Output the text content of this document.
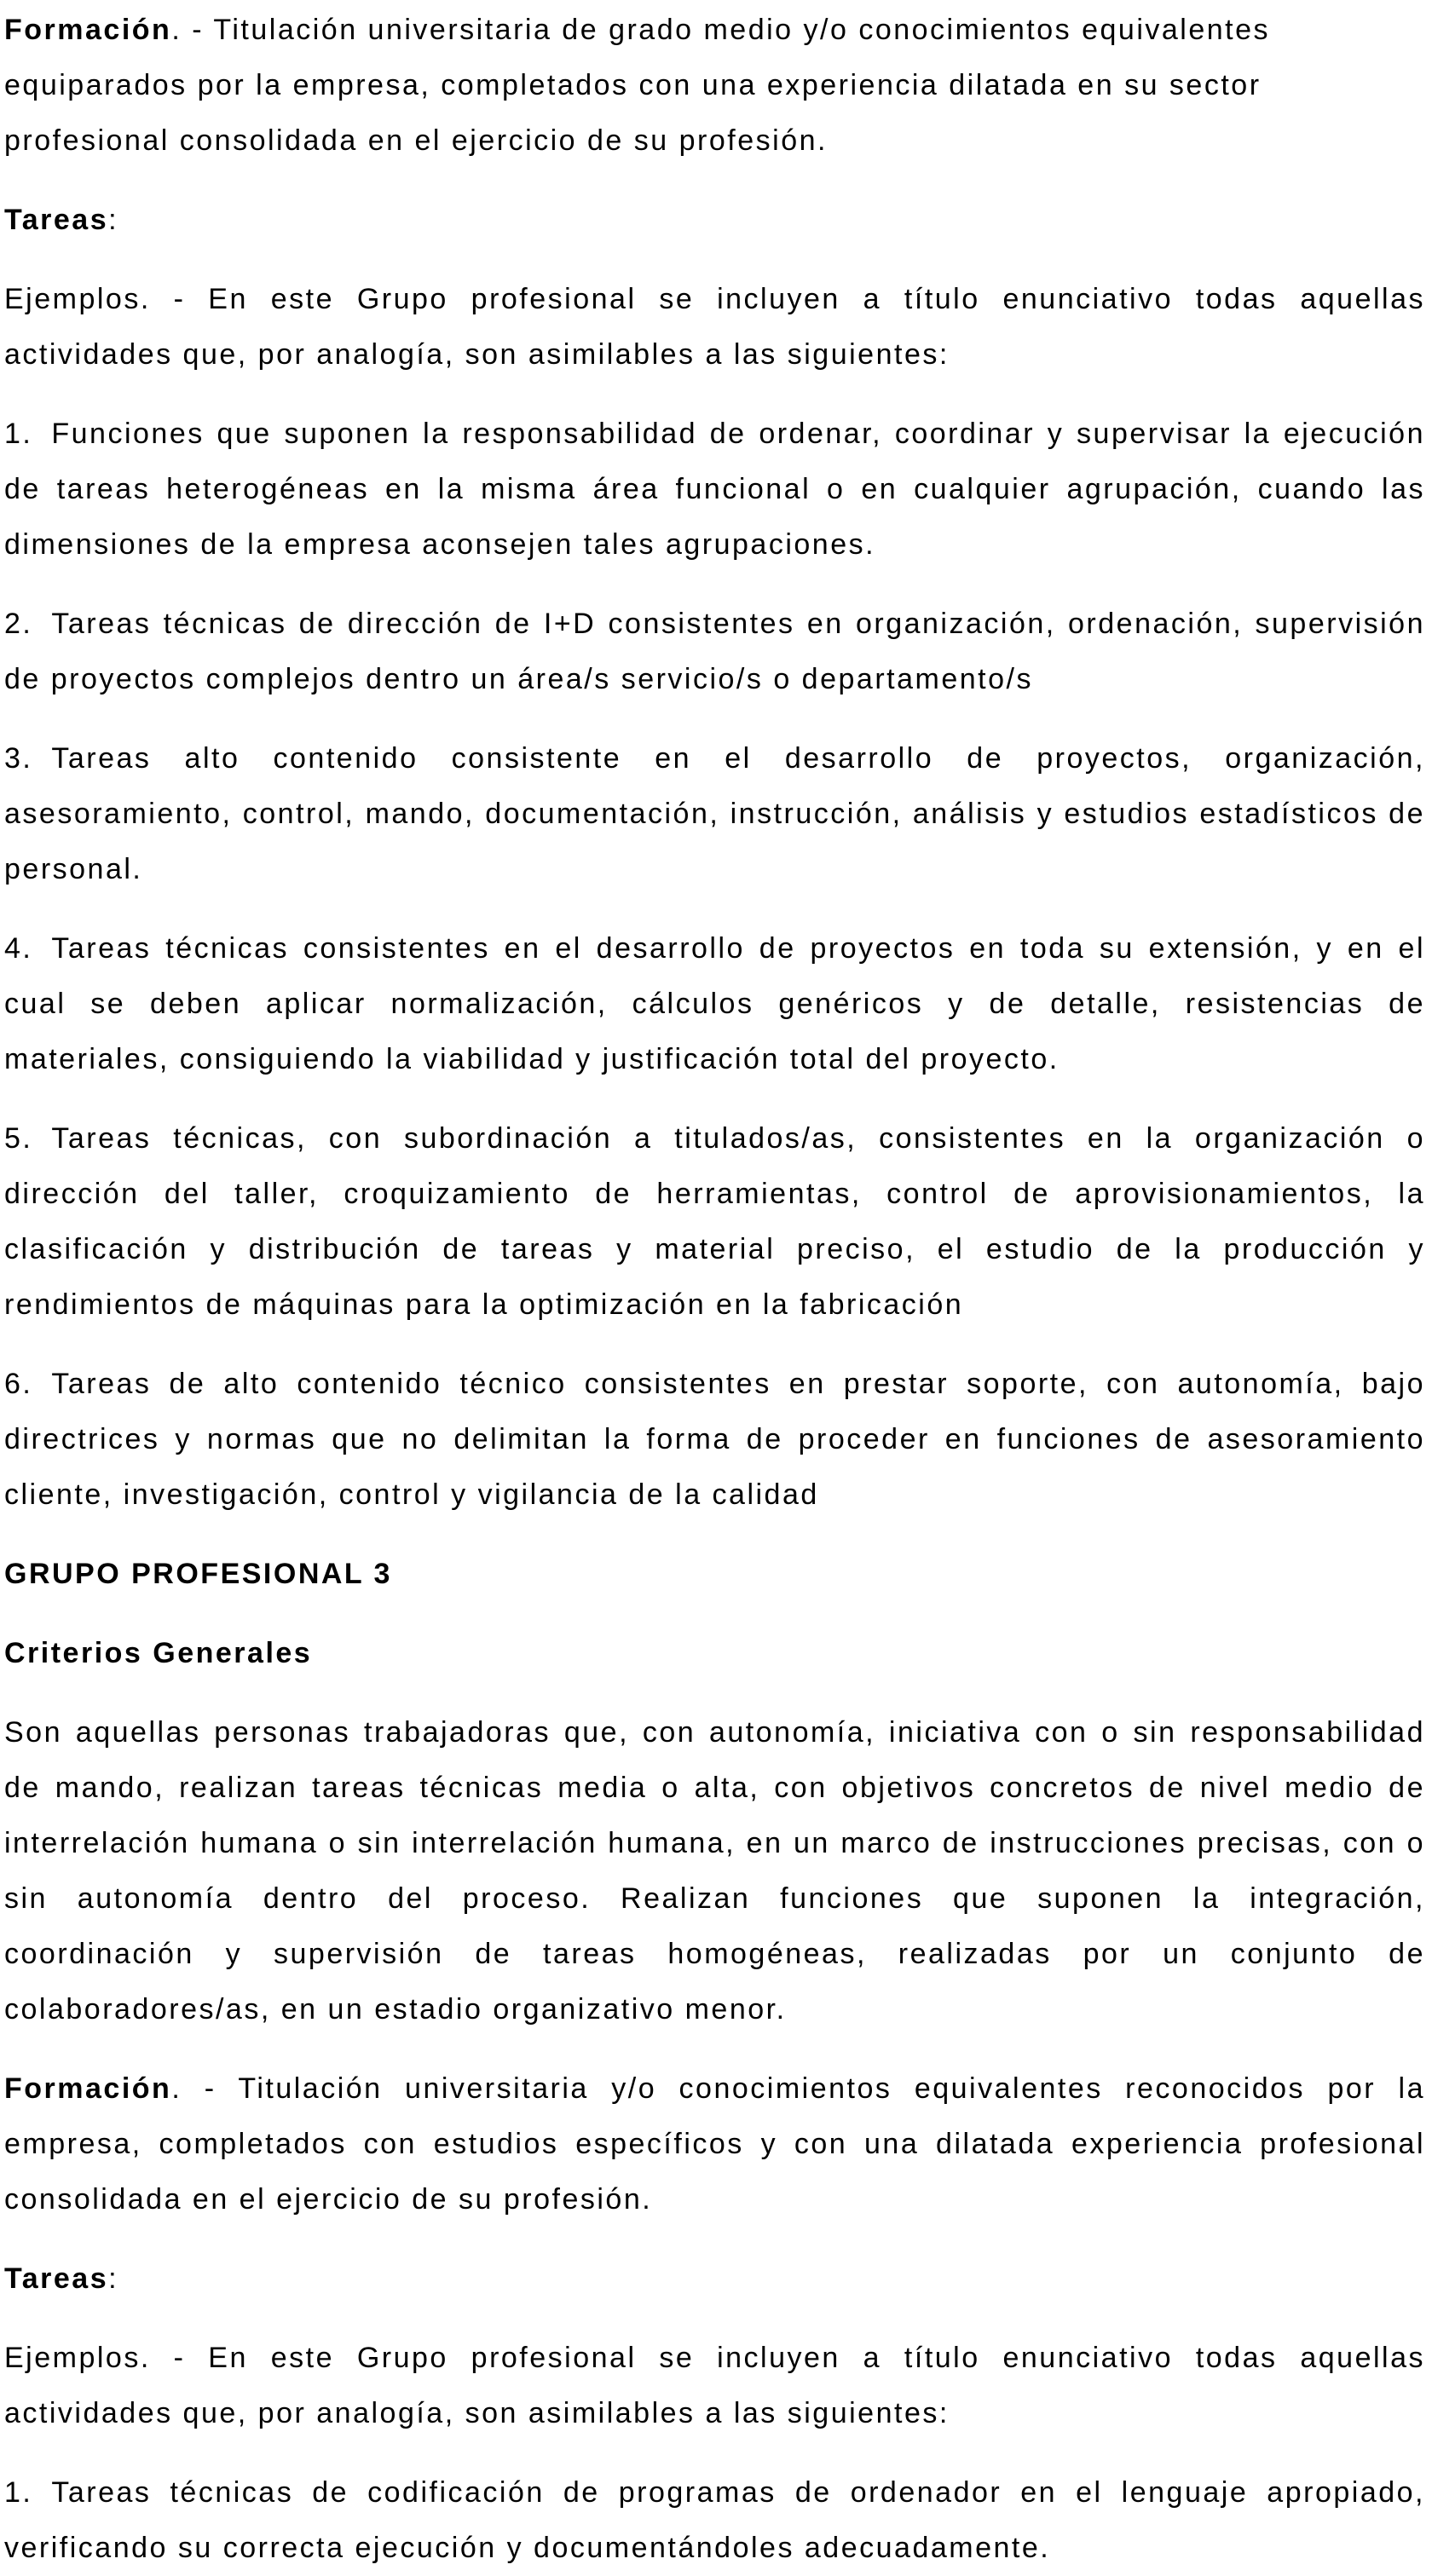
Formación. - Titulación universitaria de grado medio y/o conocimientos equivalentes equiparados por la empresa, completados con una experiencia dilatada en su sector profesional consolidada en el ejercicio de su profesión.

Tareas:

Ejemplos. - En este Grupo profesional se incluyen a título enunciativo todas aquellas actividades que, por analogía, son asimilables a las siguientes:

1. Funciones que suponen la responsabilidad de ordenar, coordinar y supervisar la ejecución de tareas heterogéneas en la misma área funcional o en cualquier agrupación, cuando las dimensiones de la empresa aconsejen tales agrupaciones.

2. Tareas técnicas de dirección de I+D consistentes en organización, ordenación, supervisión de proyectos complejos dentro un área/s servicio/s o departamento/s

3. Tareas alto contenido consistente en el desarrollo de proyectos, organización, asesoramiento, control, mando, documentación, instrucción, análisis y estudios estadísticos de personal.

4. Tareas técnicas consistentes en el desarrollo de proyectos en toda su extensión, y en el cual se deben aplicar normalización, cálculos genéricos y de detalle, resistencias de materiales, consiguiendo la viabilidad y justificación total del proyecto.

5. Tareas técnicas, con subordinación a titulados/as, consistentes en la organización o dirección del taller, croquizamiento de herramientas, control de aprovisionamientos, la clasificación y distribución de tareas y material preciso, el estudio de la producción y rendimientos de máquinas para la optimización en la fabricación

6. Tareas de alto contenido técnico consistentes en prestar soporte, con autonomía, bajo directrices y normas que no delimitan la forma de proceder en funciones de asesoramiento cliente, investigación, control y vigilancia de la calidad

GRUPO PROFESIONAL 3

Criterios Generales

Son aquellas personas trabajadoras que, con autonomía, iniciativa con o sin responsabilidad de mando, realizan tareas técnicas media o alta, con objetivos concretos de nivel medio de interrelación humana o sin interrelación humana, en un marco de instrucciones precisas, con o sin autonomía dentro del proceso. Realizan funciones que suponen la integración, coordinación y supervisión de tareas homogéneas, realizadas por un conjunto de colaboradores/as, en un estadio organizativo menor.

Formación. - Titulación universitaria y/o conocimientos equivalentes reconocidos por la empresa, completados con estudios específicos y con una dilatada experiencia profesional consolidada en el ejercicio de su profesión.

Tareas:

Ejemplos. - En este Grupo profesional se incluyen a título enunciativo todas aquellas actividades que, por analogía, son asimilables a las siguientes:

1. Tareas técnicas de codificación de programas de ordenador en el lenguaje apropiado, verificando su correcta ejecución y documentándoles adecuadamente.
